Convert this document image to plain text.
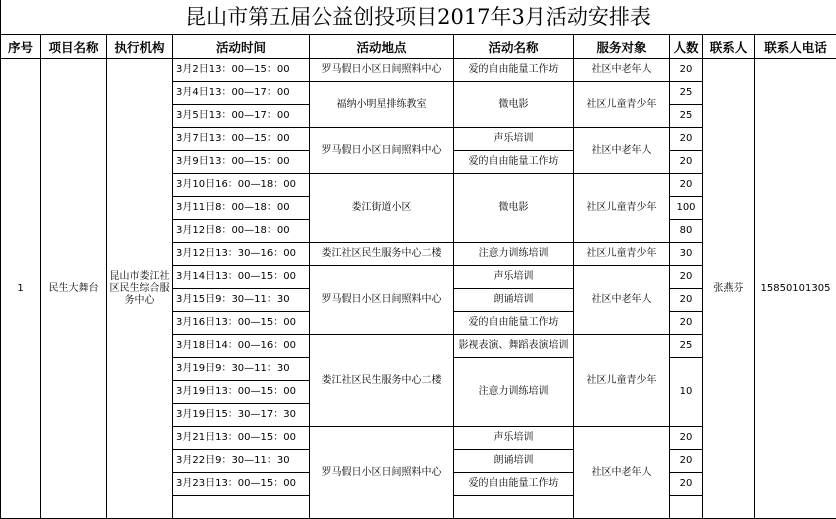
昆山市第五届公益创投项目2017年3月活动安排表
序号	项目名称	执行机构	活动时间	活动地点	活动名称	服务对象	人数	联系人	联系人电话
1	民生大舞台	昆山市娄江社区民生综合服务中心	3月2日13：00—15：00	罗马假日小区日间照料中心	爱的自由能量工作坊	社区中老年人	20	张燕芬	15850101305
			3月4日13：00—17：00	福纳小明星排练教室	微电影	社区儿童青少年	25		
			3月5日13：00—17：00				25		
			3月7日13：00—15：00	罗马假日小区日间照料中心	声乐培训	社区中老年人	20		
			3月9日13：00—15：00		爱的自由能量工作坊		20		
			3月10日16：00—18：00	娄江街道小区	微电影	社区儿童青少年	20		
			3月11日8：00—18：00				100		
			3月12日8：00—18：00				80		
			3月12日13：30—16：00	娄江社区民生服务中心二楼	注意力训练培训	社区儿童青少年	30		
			3月14日13：00—15：00	罗马假日小区日间照料中心	声乐培训	社区中老年人	20		
			3月15日9：30—11：30		朗诵培训		20		
			3月16日13：00—15：00		爱的自由能量工作坊		20		
			3月18日14：00—16：00	娄江社区民生服务中心二楼	影视表演、舞蹈表演培训	社区儿童青少年	25		
			3月19日9：30—11：30		注意力训练培训		10		
			3月19日13：00—15：00						
			3月19日15：30—17：30						
			3月21日13：00—15：00	罗马假日小区日间照料中心	声乐培训	社区中老年人	20		
			3月22日9：30—11：30		朗诵培训		20		
			3月23日13：00—15：00		爱的自由能量工作坊		20		
